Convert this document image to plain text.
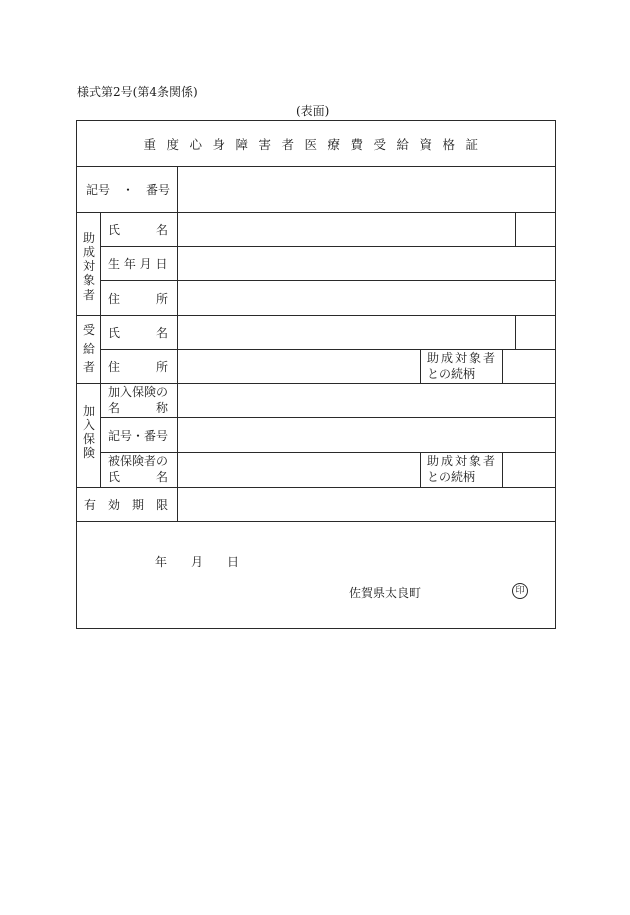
様式第2号(第4条関係)
(表面)
重度心身障害者医療費受給資格証
記号　・　番号
助
成
対
象
者
氏　　　名
生 年 月 日
住　　　所
受
給
者
氏　　　名
住　　　所
助成対象者
との続柄
加
入
保
険
加入保険の
名　　　称
記号・番号
被保険者の
氏　　　名
助成対象者
との続柄
有　効　期　限
年　　月　　日
佐賀県太良町	印
